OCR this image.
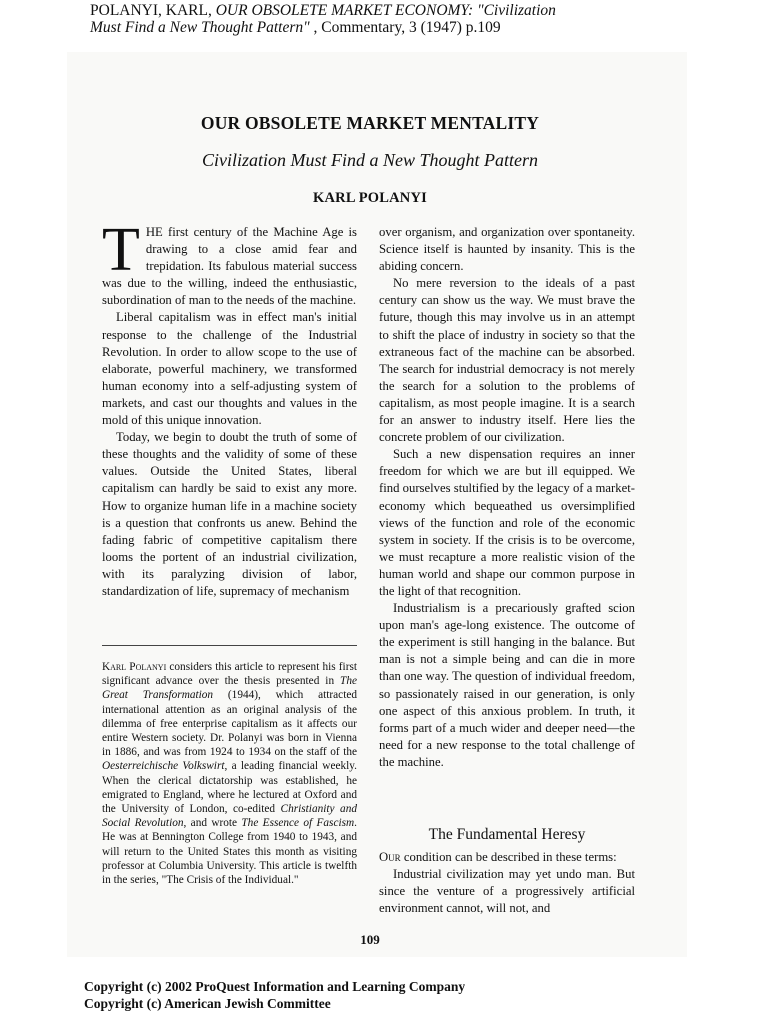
POLANYI, KARL, OUR OBSOLETE MARKET ECONOMY: "Civilization
Must Find a New Thought Pattern" , Commentary, 3 (1947) p.109
OUR OBSOLETE MARKET MENTALITY
Civilization Must Find a New Thought Pattern
KARL POLANYI

THE first century of the Machine Age is drawing to a close amid fear and trepidation. Its fabulous material success was due to the willing, indeed the enthusiastic, subordination of man to the needs of the machine.

Liberal capitalism was in effect man's initial response to the challenge of the Industrial Revolution. In order to allow scope to the use of elaborate, powerful machinery, we transformed human economy into a self-adjusting system of markets, and cast our thoughts and values in the mold of this unique innovation.

Today, we begin to doubt the truth of some of these thoughts and the validity of some of these values. Outside the United States, liberal capitalism can hardly be said to exist any more. How to organize human life in a machine society is a question that confronts us anew. Behind the fading fabric of competitive capitalism there looms the portent of an industrial civilization, with its paralyzing division of labor, standardization of life, supremacy of mechanism

Karl Polanyi considers this article to represent his first significant advance over the thesis presented in The Great Transformation (1944), which attracted international attention as an original analysis of the dilemma of free enterprise capitalism as it affects our entire Western society. Dr. Polanyi was born in Vienna in 1886, and was from 1924 to 1934 on the staff of the Oesterreichische Volkswirt, a leading financial weekly. When the clerical dictatorship was established, he emigrated to England, where he lectured at Oxford and the University of London, co-edited Christianity and Social Revolution, and wrote The Essence of Fascism. He was at Bennington College from 1940 to 1943, and will return to the United States this month as visiting professor at Columbia University. This article is twelfth in the series, "The Crisis of the Individual."

over organism, and organization over spontaneity. Science itself is haunted by insanity. This is the abiding concern.

No mere reversion to the ideals of a past century can show us the way. We must brave the future, though this may involve us in an attempt to shift the place of industry in society so that the extraneous fact of the machine can be absorbed. The search for industrial democracy is not merely the search for a solution to the problems of capitalism, as most people imagine. It is a search for an answer to industry itself. Here lies the concrete problem of our civilization.

Such a new dispensation requires an inner freedom for which we are but ill equipped. We find ourselves stultified by the legacy of a market-economy which bequeathed us oversimplified views of the function and role of the economic system in society. If the crisis is to be overcome, we must recapture a more realistic vision of the human world and shape our common purpose in the light of that recognition.

Industrialism is a precariously grafted scion upon man's age-long existence. The outcome of the experiment is still hanging in the balance. But man is not a simple being and can die in more than one way. The question of individual freedom, so passionately raised in our generation, is only one aspect of this anxious problem. In truth, it forms part of a much wider and deeper need—the need for a new response to the total challenge of the machine.

The Fundamental Heresy

Our condition can be described in these terms:

Industrial civilization may yet undo man. But since the venture of a progressively artificial environment cannot, will not, and

109
Copyright (c) 2002 ProQuest Information and Learning Company
Copyright (c) American Jewish Committee
